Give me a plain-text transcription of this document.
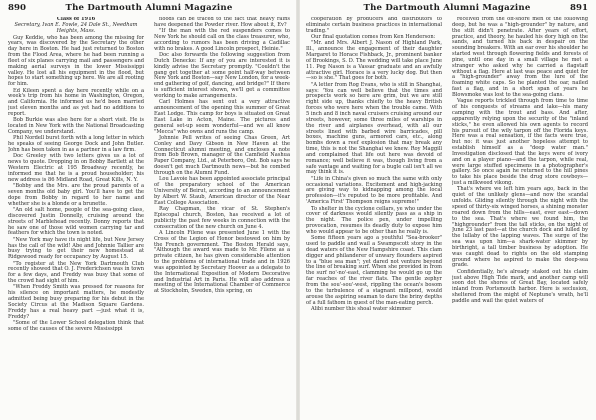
890	The Dartmouth Alumni Magazine
Class of 1916
Secretary, Ivan E. Fowle, 24 Dale St., Needham Heights, Mass.

Guy Keddie, who has been among the missing for years, was discovered by the Secretary the other day here in Boston. He had just returned to Boston from the Flood Area, where he had been running a fleet of six planes carrying mail and passengers and making aerial surveys in the lower Mississippi valley. He lost all his equipment in the flood, but hopes to start something up here. We are all rooting for him.

Ed Kileen spent a day here recently while on a week's trip from his home in Washington, Oregon, and California. He informed us he'd been married just eleven months and as yet had no additions to report.

Bob Burkie was also here for a short visit. He is located in New York with the National Broadcasting Company, we understand.

Phil Nordell burst forth with a long letter in which he speaks of seeing George Dock and John Butler. John has been taken in as a partner in a law firm.

Doc Greeley with two letters gives us a lot of news to quote. Dropping in on Bobby Bartlett at the Western Electric at 195 Broadway recently, he informed me that he is a proud householder; his new address is 86 Midland Road, Great Kills, N. Y.

"Bobby and the Mrs. are the proud parents of a seven months old baby girl. You'll have to get the dope from Bobby in regard to her name and whether she is a blonde or a brunette.

"An old salt home, people of the sea-going class, discovered Justin Donnelly, cruising around the streets of Marblehead recently. Donny reports that he saw one of those wild women carrying tar and feathers for which the town is noted.

"New York may have its night life, but New Jersey has the call of the wild! Abe and Johnnie Tallier are busy trying to get their new homestead at Ridgewood ready for occupancy by August 15.

"To register at the New York Dartmouth Club recently showed that O. J. Frederichsen was in town for a few days, and Freddy was busy that some of the crowd had sight of him.

"When Freddy Smith was pressed for reasons for his silence on important matters, he modestly admitted being busy preparing for his debut in the Society Circus at the Madison Square Gardens. Freddy has a real heavy part —just what it is, Freddy?

"Some of the Lower School delegation think that some of the causes of the severe Mississippi

floods can be traced to the fact that heavy rains have deepened the Powder river. How about it, Ev?

"If the man with the red suspenders comes to New York he should call on the class treasurer, who, according to rumors has been driving a Cadillac with no brakes. A good Lincoln prospect, Heinie."

Doc also forwards the following suggestion from Dutch Denecke: If any of you are interested it is kindly advise the Secretary promptly. "Couldn't the gang get together at some point half-way between New York and Boston—say New London, for a week-end gathering of golf, dancing, and bridge?" If there is sufficient interest shown, we'll get a committee working to make arrangements.

Carl Holmes has sent out a very attractive announcement of the opening this summer of Great East Lodge. This camp for boys is situated on Great East Lake in Acton, Maine. The pictures and general set-up seem wonderful—and we all know "Mecca" who owns and runs the camp.

Johnnie Pell writes of seeing Chas Green, Art Conley and Davy Gibson in New Haven at the Connecticut alumni meeting, and encloses a note from Bob Brown, manager of the Camfield Nashua Paper Company, Ltd., at Peterboro, Ont. Bob says he doesn't get much Dartmouth news—but he combed through on the Alumni Fund.

Lou Lavoie has been appointed associate principal of the preparatory school of the American University of Beirut, according to an announcement by Albert W. Staub, American director of the Near East College Association.

Ray Chapman, the vicar of St. Stephen's Episcopal church, Boston, has received a lot of publicity the past few weeks in connection with the consecration of the new church on June 4.

A Lincoln Filene was presented June 1 with the Cross of the Legion of Honor bestowed on him by the French government. The Boston Herald says, "Although the award was made to Mr. Filene as a private citizen, he has given considerable attention to the problems of international trade and in 1926 was appointed by Secretary Hoover as a delegate to the International Exposition of Modern Decorative and Industrial Art in Paris. He will also address a meeting of the International Chamber of Commerce at Stockholm, Sweden, this spring, on

The Dartmouth Alumni Magazine	891

cooperation by producers and distributors to eliminate certain business practices in international trading."

Our final quotation comes from Ken Henderson:

"Mr. and Mrs. Albert J. Nason of Highland Park, Ill., announce the engagement of their daughter Margaret to Horace Fishback, Jr., prominent banker of Brookings, S. D. The wedding will take place June 11. Peg Nason is a Vassar graduate and an awfully attractive girl. Horace is a very lucky dog. But then —so is she." That goes for both.

"A letter from Rog Evans, who is still in Shanghai, says: 'You can well believe that the times and prospects work so here are grim, but we are still right side up, thanks chiefly to the heavy British forces who were here when the trouble came. With 5 inch and 8 inch naval cruisers cruising around our streets, however, some three miles of warships in the river and airplanes overhead, with all our streets lined with barbed wire barricades, pill boxes, machine guns, armored cars, etc., along bombs down a reef explosion that may break any time, this is not the Shanghai we knew. Roy Maggill and complained that life out here was devoid of romance; well believe it was, though living from a safe vantage and waiting for a bugle call isn't all we may think it is.

"Life in China's given so much the same with only occasional variations. Excitement and high-jacking are giving way to kidnapping among the local profession—it's reputed to be more profitable. And 'America First' Thompson reigns supreme!"

To shelter in the cyclone cellars, ye who under the cover of darkness would silently pass as a ship in the night. The police pen, under impelling provocation, resumes its deadly duty to expose him who would appear to be other than he really is.

Some fifteen years ago a youthful "Sea-brooker" used to paddle and wail a Swampscott story in the dead waters of the New Hampshire coast. This clam digger and philanderer of unwary flounders aspired to a "blue sea man"; yet dared not venture beyond the line of breaking surf. When she provided in from the surf no'-no'-east, clamming he would go up the far reaches of the river flats. The gentle zephyr from the sou'-sou'-west, rippling the ocean's bosom to the turbulence of a stagnant millpond, would arouse the aspiring seaman to dare the briny depths of a full fathom in quest of the man-eating perch.

Alibi number this shoal water skimmer

received from the off-shore men of the following deep, but he was a "high-grounder" by nature, and the stilt didn't penetrate. After years of effort, practice, and theory, he hauled his dory high on the sands, and turned his back in despair on the sounding breakers. With an ear over his shoulder he started west through flowering fields and forests of pine, until one day in a small village he met a stranger who asked why he carried a flagstaff without a flag. Here at last was peace and quiet for a "high-grounder" away from the lure of the foaming white caps. So he planted the oar, nailed fast a flag, and in a short span of years he Blowsmoke was lost to the sea-going clans.

Vague reports trickled through from time to time of his conquests of streams and lake—his many camping with the trout and bass. And after, apparently relying upon the security of the "inland sticks," he even allowed his own agents to record his pursuit of the wily tarpon off the Florida keys. Here was a real sensation, if the facts were true, but no: it was just another hopeless attempt to establish himself as a "deep water man." Investigation disclosed that the keys were of ivory and on a player piano—and the tarpon, while real, were large stuffed specimens in a photographer's gallery. So once again he returned to the hill pines to take his place beside the drug store cowboys—just a milkweed vikong.

That's where we left him years ago, back in the quiet of the unlikely glens—and now the scandal unfolds. Gliding silently through the night with the speed of thirty-six winged horses, a shining monster roared down from the hills—east, ever east—down to the sea. That's where we found him, the "highgrounder" from the tall sticks, on the night of June 23 last past—at the church dock and lulled by the lullaby of the lapping waves. The surge of the sea was upon him—a shark-water skimmer by birthright, a tall timber business by adoption. He was caught dead to rights on the old stamping ground where he aspired to make the deep-sea grade.

Confidentially, he's already staked out his claim just above High Tide mark, and another camp will soon dot the shores of Great Bay, located safely inland from Portsmouth harbor. Here is seclusion, sheltered from the might of Neptune's wrath, he'll paddle and wail the quiet waters of
